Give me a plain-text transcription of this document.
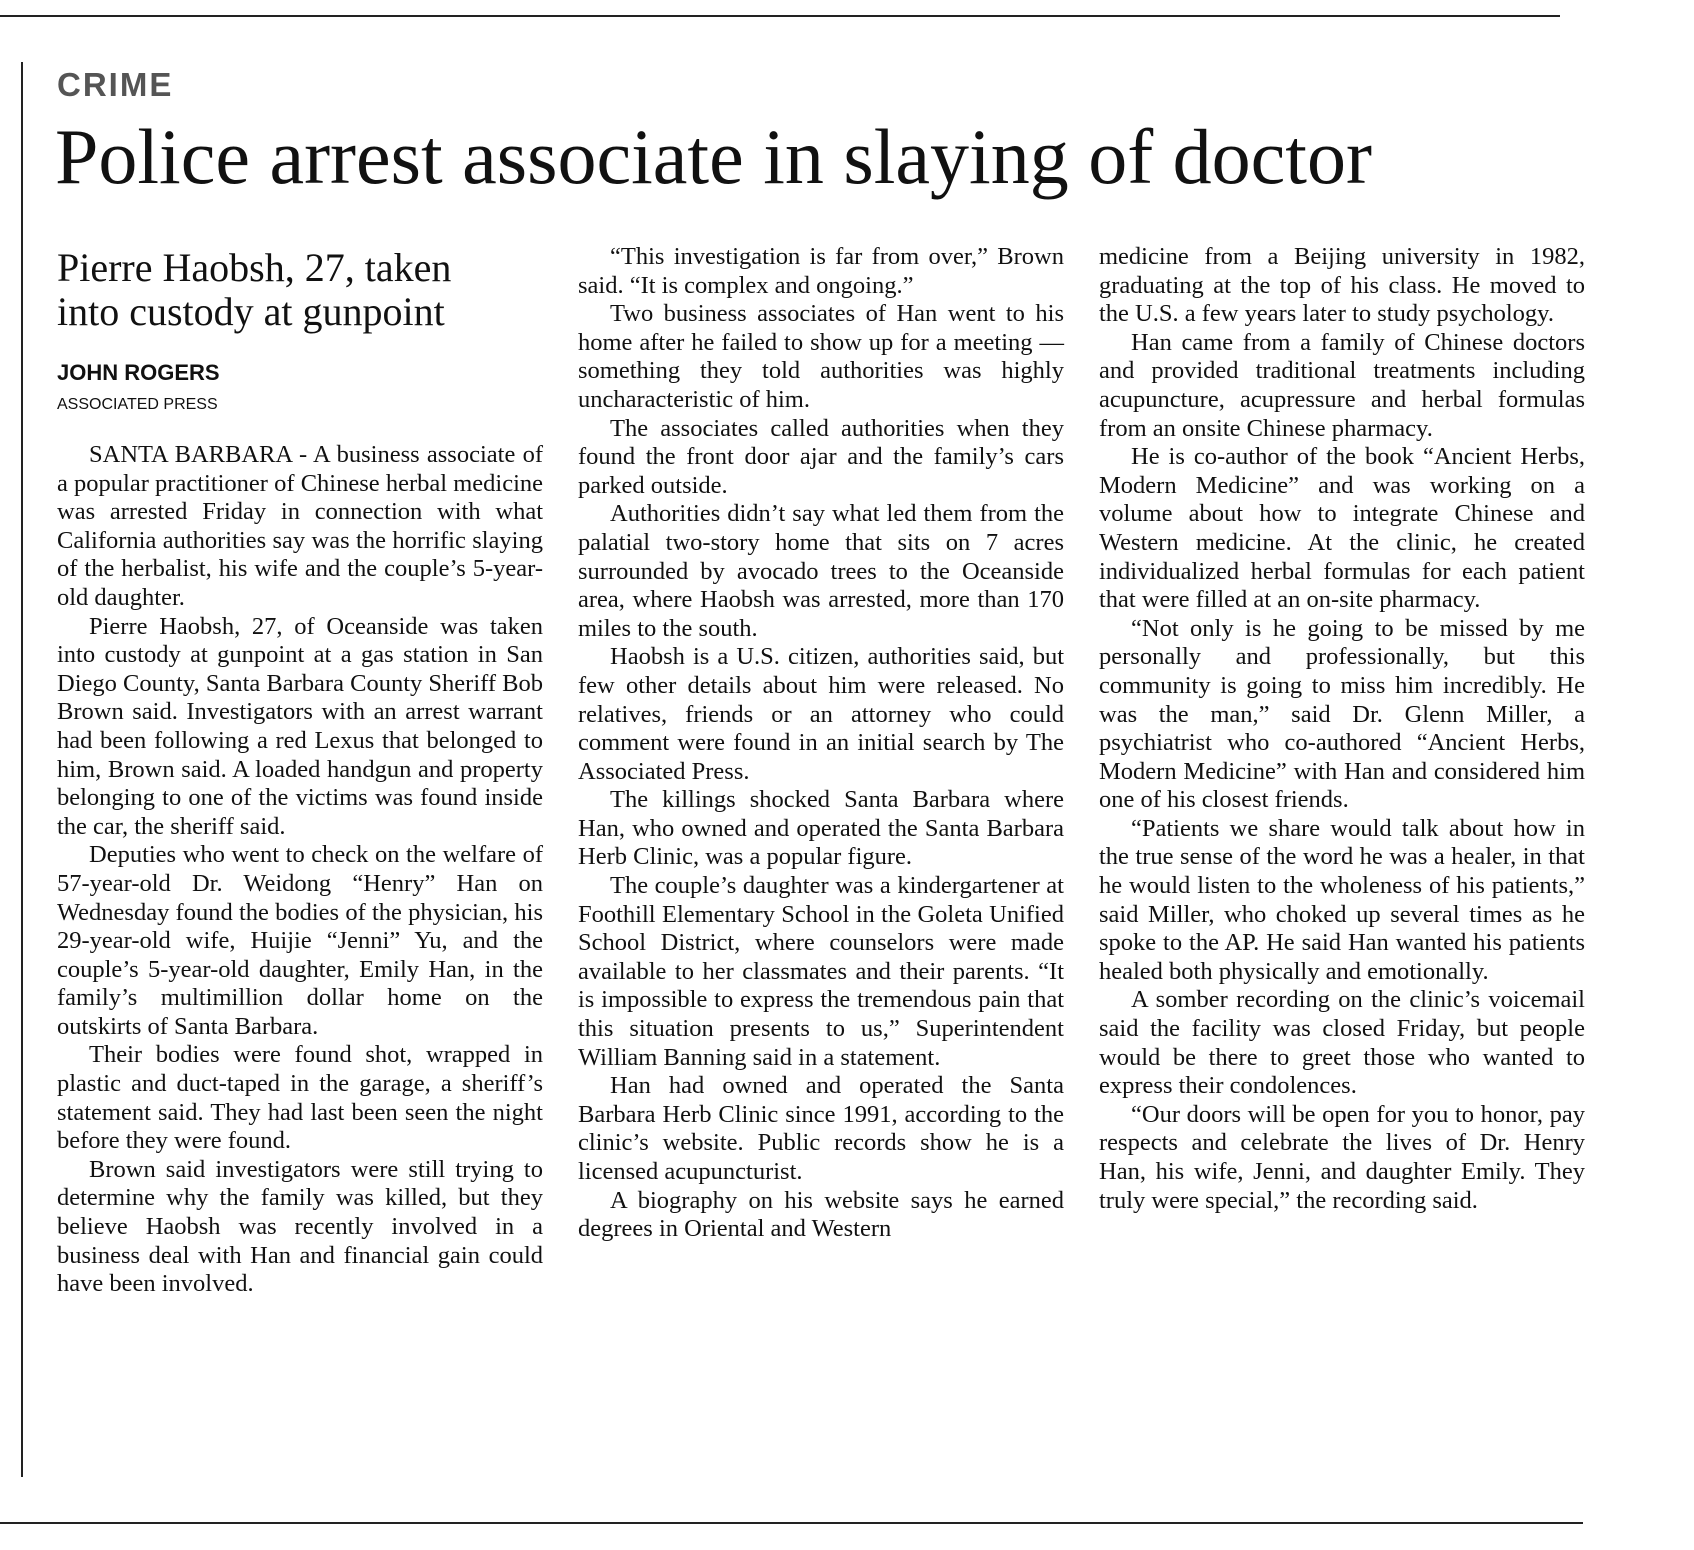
CRIME
Police arrest associate in slaying of doctor
Pierre Haobsh, 27, taken
into custody at gunpoint
JOHN ROGERS
ASSOCIATED PRESS

SANTA BARBARA - A business associate of a popular practitioner of Chinese herbal medicine was arrested Friday in connection with what California authorities say was the horrific slaying of the herbalist, his wife and the couple’s 5-year-old daughter.

Pierre Haobsh, 27, of Oceanside was taken into custody at gunpoint at a gas station in San Diego County, Santa Barbara County Sheriff Bob Brown said. Investigators with an arrest warrant had been following a red Lexus that belonged to him, Brown said. A loaded handgun and property belonging to one of the victims was found inside the car, the sheriff said.

Deputies who went to check on the welfare of 57-year-old Dr. Weidong “Henry” Han on Wednesday found the bodies of the physician, his 29-year-old wife, Huijie “Jenni” Yu, and the couple’s 5-year-old daughter, Emily Han, in the family’s multimillion dollar home on the outskirts of Santa Barbara.

Their bodies were found shot, wrapped in plastic and duct-taped in the garage, a sheriff’s statement said. They had last been seen the night before they were found.

Brown said investigators were still trying to determine why the family was killed, but they believe Haobsh was recently involved in a business deal with Han and financial gain could have been involved.

“This investigation is far from over,” Brown said. “It is complex and ongoing.”

Two business associates of Han went to his home after he failed to show up for a meeting — something they told authorities was highly uncharacteristic of him.

The associates called authorities when they found the front door ajar and the family’s cars parked outside.

Authorities didn’t say what led them from the palatial two-story home that sits on 7 acres surrounded by avocado trees to the Oceanside area, where Haobsh was arrested, more than 170 miles to the south.

Haobsh is a U.S. citizen, authorities said, but few other details about him were released. No relatives, friends or an attorney who could comment were found in an initial search by The Associated Press.

The killings shocked Santa Barbara where Han, who owned and operated the Santa Barbara Herb Clinic, was a popular figure.

The couple’s daughter was a kindergartener at Foothill Elementary School in the Goleta Unified School District, where counselors were made available to her classmates and their parents. “It is impossible to express the tremendous pain that this situation presents to us,” Superintendent William Banning said in a statement.

Han had owned and operated the Santa Barbara Herb Clinic since 1991, according to the clinic’s website. Public records show he is a licensed acupuncturist.

A biography on his website says he earned degrees in Oriental and Western

medicine from a Beijing university in 1982, graduating at the top of his class. He moved to the U.S. a few years later to study psychology.

Han came from a family of Chinese doctors and provided traditional treatments including acupuncture, acupressure and herbal formulas from an onsite Chinese pharmacy.

He is co-author of the book “Ancient Herbs, Modern Medicine” and was working on a volume about how to integrate Chinese and Western medicine. At the clinic, he created individualized herbal formulas for each patient that were filled at an on-site pharmacy.

“Not only is he going to be missed by me personally and professionally, but this community is going to miss him incredibly. He was the man,” said Dr. Glenn Miller, a psychiatrist who co-authored “Ancient Herbs, Modern Medicine” with Han and considered him one of his closest friends.

“Patients we share would talk about how in the true sense of the word he was a healer, in that he would listen to the wholeness of his patients,” said Miller, who choked up several times as he spoke to the AP. He said Han wanted his patients healed both physically and emotionally.

A somber recording on the clinic’s voicemail said the facility was closed Friday, but people would be there to greet those who wanted to express their condolences.

“Our doors will be open for you to honor, pay respects and celebrate the lives of Dr. Henry Han, his wife, Jenni, and daughter Emily. They truly were special,” the recording said.
